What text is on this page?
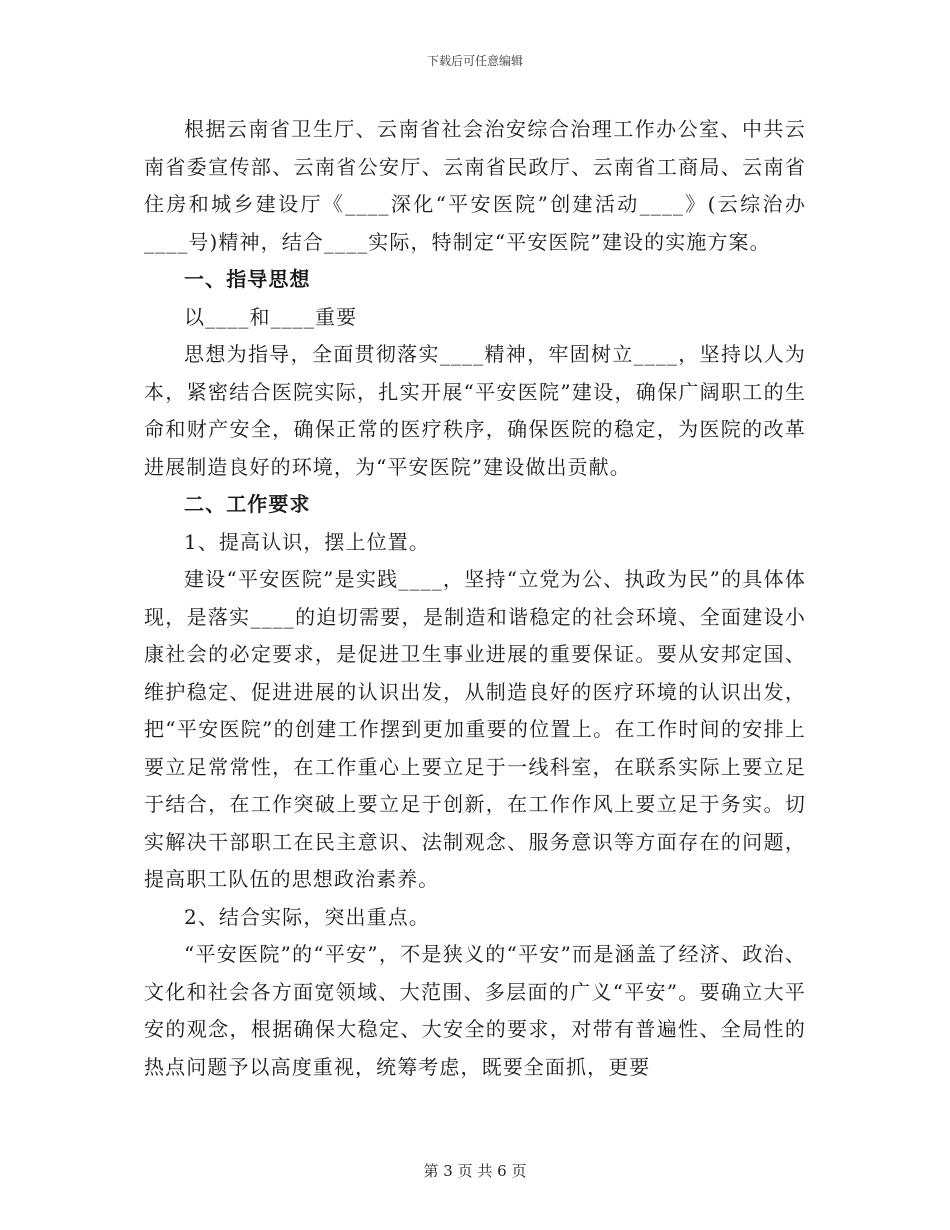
下载后可任意编辑

根据云南省卫生厅、云南省社会治安综合治理工作办公室、中共云南省委宣传部、云南省公安厅、云南省民政厅、云南省工商局、云南省住房和城乡建设厅《____深化“平安医院”创建活动____》(云综治办____号)精神，结合____实际，特制定“平安医院”建设的实施方案。

一、指导思想

以____和____重要

思想为指导，全面贯彻落实____精神，牢固树立____，坚持以人为本，紧密结合医院实际，扎实开展“平安医院”建设，确保广阔职工的生命和财产安全，确保正常的医疗秩序，确保医院的稳定，为医院的改革进展制造良好的环境，为“平安医院”建设做出贡献。

二、工作要求

1、提高认识，摆上位置。

建设“平安医院”是实践____，坚持“立党为公、执政为民”的具体体现，是落实____的迫切需要，是制造和谐稳定的社会环境、全面建设小康社会的必定要求，是促进卫生事业进展的重要保证。要从安邦定国、维护稳定、促进进展的认识出发，从制造良好的医疗环境的认识出发，把“平安医院”的创建工作摆到更加重要的位置上。在工作时间的安排上要立足常常性，在工作重心上要立足于一线科室，在联系实际上要立足于结合，在工作突破上要立足于创新，在工作作风上要立足于务实。切实解决干部职工在民主意识、法制观念、服务意识等方面存在的问题，提高职工队伍的思想政治素养。

2、结合实际，突出重点。

“平安医院”的“平安”，不是狭义的“平安”而是涵盖了经济、政治、文化和社会各方面宽领域、大范围、多层面的广义“平安”。要确立大平安的观念，根据确保大稳定、大安全的要求，对带有普遍性、全局性的热点问题予以高度重视，统筹考虑，既要全面抓，更要

第 3 页 共 6 页
